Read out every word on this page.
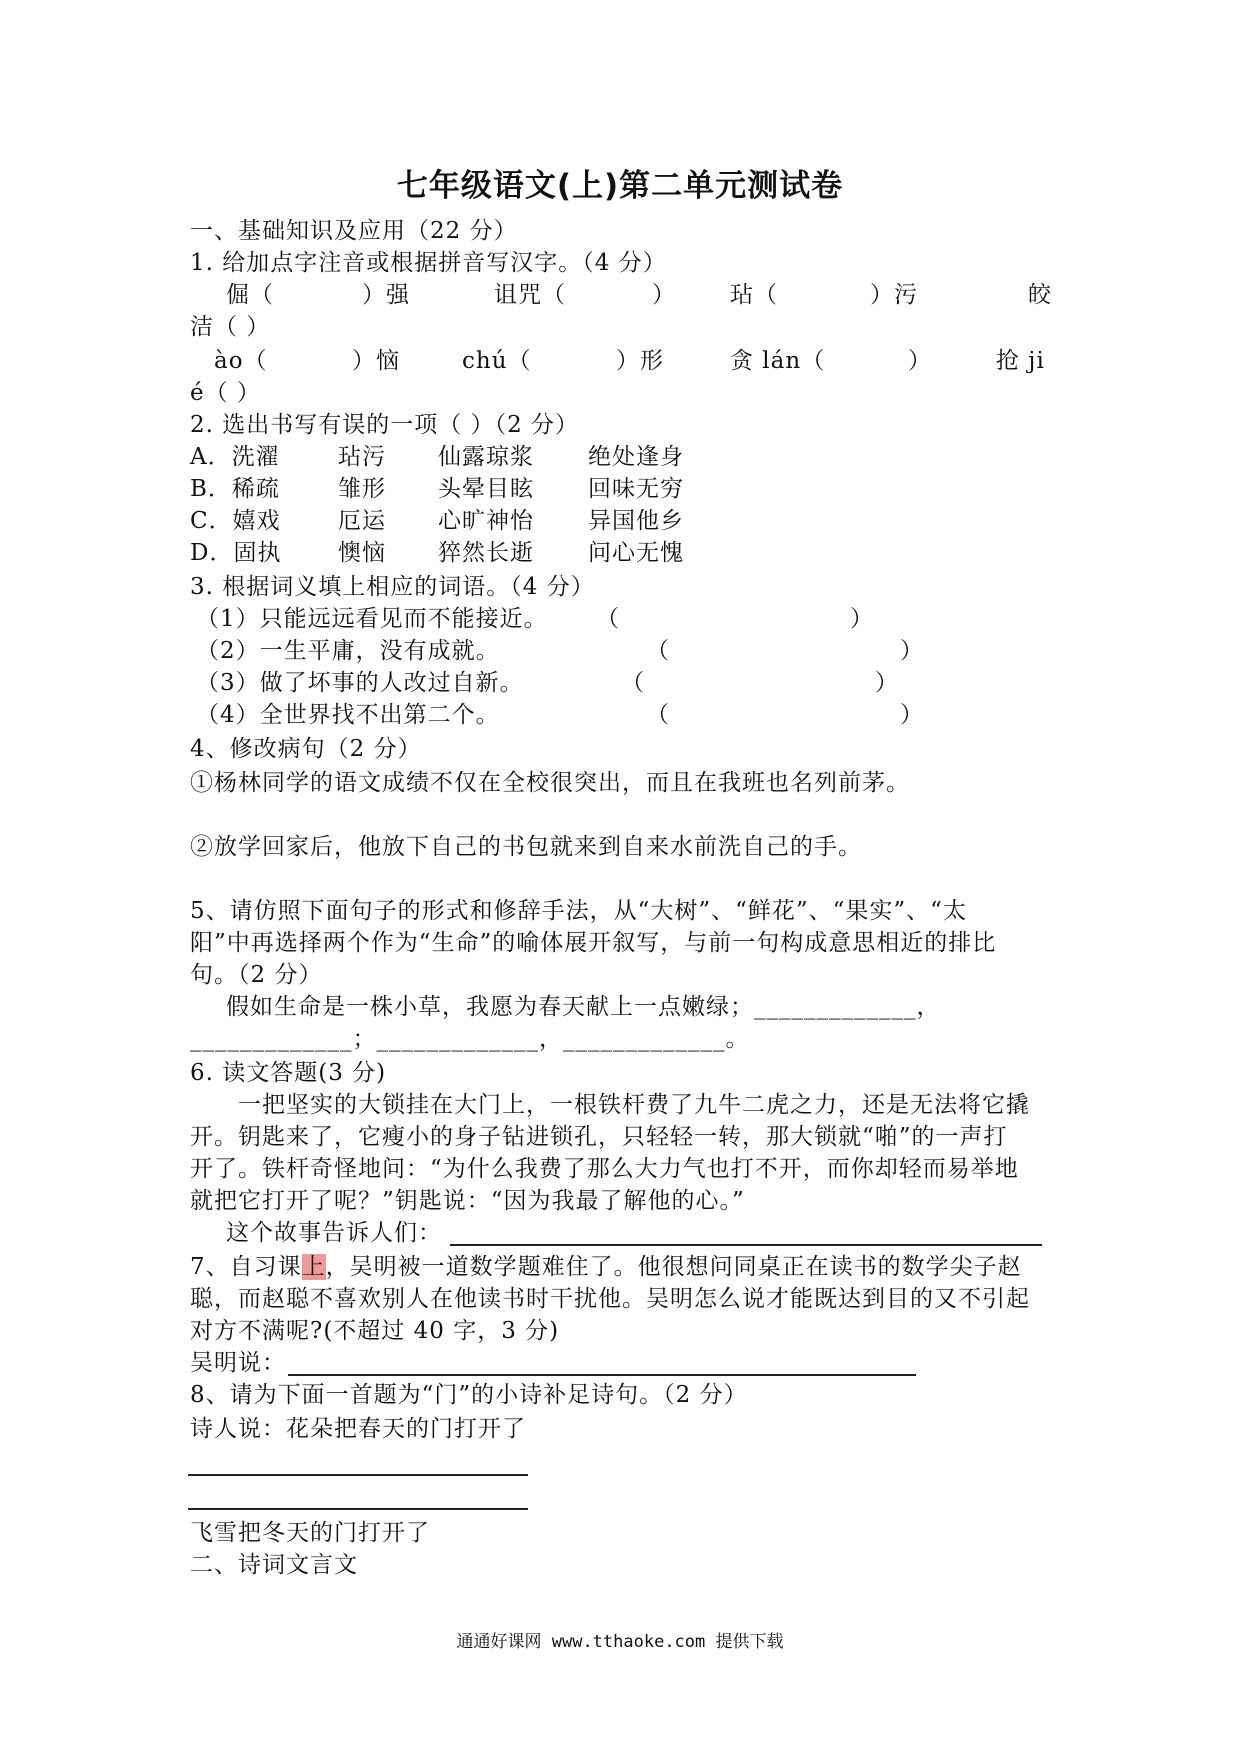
七年级语文(上)第二单元测试卷
一、基础知识及应用（22 分）
1. 给加点字注音或根据拼音写汉字。（4 分）
倔（	）强	诅咒（	） 玷（	）污	皎
洁（ ）
ào（	）恼	chú（	）形	贪 lán（	）	抢 ji
é（ ）
2. 选出书写有误的一项（ ）（2 分）
A．洗濯	玷污 仙露琼浆 绝处逢身
B．稀疏	雏形 头晕目眩 回味无穷
C．嬉戏 厄运 心旷神怡 异国他乡
D．固执 懊恼 猝然长逝 问心无愧
3. 根据词义填上相应的词语。（4 分）
（1）只能远远看见而不能接近。 （	）
（2）一生平庸，没有成就。	（	）
（3）做了坏事的人改过自新。	（	）
（4）全世界找不出第二个。	（	）
4、修改病句（2 分）
①杨林同学的语文成绩不仅在全校很突出，而且在我班也名列前茅。
②放学回家后，他放下自己的书包就来到自来水前洗自己的手。
5、请仿照下面句子的形式和修辞手法，从“大树”、“鲜花”、“果实”、“太
阳”中再选择两个作为“生命”的喻体展开叙写，与前一句构成意思相近的排比
句。（2 分）
假如生命是一株小草，我愿为春天献上一点嫩绿；_____________，
_____________；_____________，_____________。
6. 读文答题(3 分)
一把坚实的大锁挂在大门上，一根铁杆费了九牛二虎之力，还是无法将它撬
开。钥匙来了，它瘦小的身子钻进锁孔，只轻轻一转，那大锁就“啪”的一声打
开了。铁杆奇怪地问：“为什么我费了那么大力气也打不开，而你却轻而易举地
就把它打开了呢？”钥匙说：“因为我最了解他的心。”
这个故事告诉人们：
7、自习课上，吴明被一道数学题难住了。他很想问同桌正在读书的数学尖子赵
聪，而赵聪不喜欢别人在他读书时干扰他。吴明怎么说才能既达到目的又不引起
对方不满呢?(不超过 40 字，3 分)
吴明说：
8、请为下面一首题为“门”的小诗补足诗句。（2 分）
诗人说：花朵把春天的门打开了
飞雪把冬天的门打开了
二、诗词文言文
通通好课网 www.tthaoke.com 提供下载
